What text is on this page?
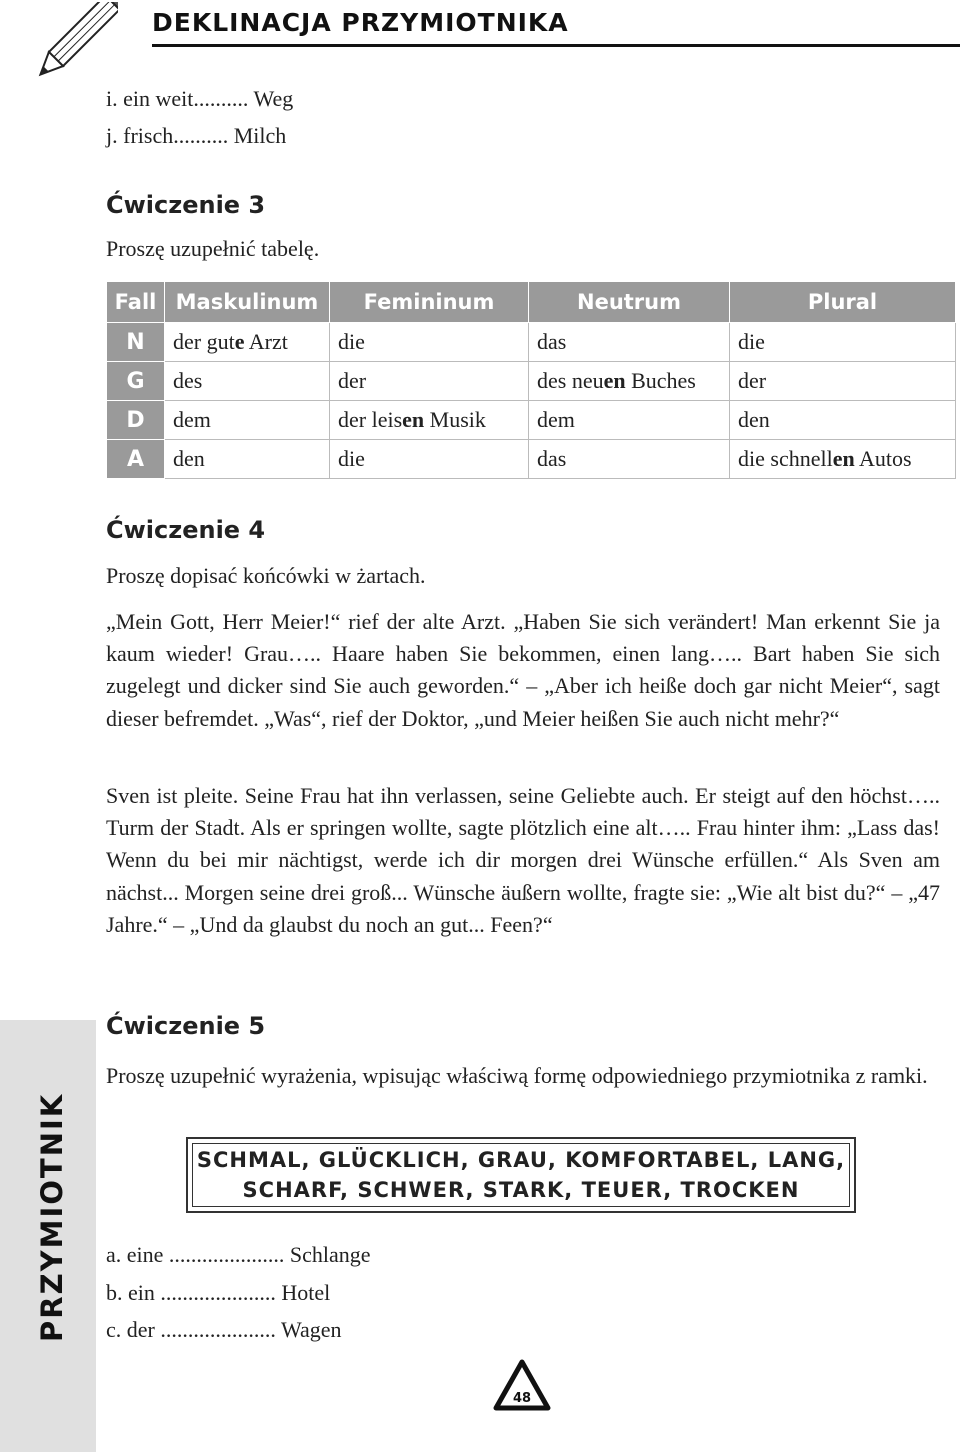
DEKLINACJA PRZYMIOTNIKA
i. ein weit.......... Weg
j. frisch.......... Milch
Ćwiczenie 3
Proszę uzupełnić tabelę.
Fall	Maskulinum	Femininum	Neutrum	Plural
N	der gute Arzt	die	das	die
G	des	der	des neuen Buches	der
D	dem	der leisen Musik	dem	den
A	den	die	das	die schnellen Autos
Ćwiczenie 4
Proszę dopisać końcówki w żartach.
„Mein Gott, Herr Meier!“ rief der alte Arzt. „Haben Sie sich verändert! Man erkennt Sie ja kaum wieder! Grau….. Haare haben Sie bekommen, einen lang….. Bart haben Sie sich zugelegt und dicker sind Sie auch geworden.“ – „Aber ich heiße doch gar nicht Meier“, sagt dieser befremdet. „Was“, rief der Doktor, „und Meier heißen Sie auch nicht mehr?“
Sven ist pleite. Seine Frau hat ihn verlassen, seine Geliebte auch. Er steigt auf den höchst….. Turm der Stadt. Als er springen wollte, sagte plötzlich eine alt….. Frau hinter ihm: „Lass das! Wenn du bei mir nächtigst, werde ich dir morgen drei Wünsche erfüllen.“ Als Sven am nächst... Morgen seine drei groß... Wünsche äußern wollte, fragte sie: „Wie alt bist du?“ – „47 Jahre.“ – „Und da glaubst du noch an gut... Feen?“
PRZYMIOTNIK
Ćwiczenie 5
Proszę uzupełnić wyrażenia, wpisując właściwą formę odpowiedniego przymiotnika z ramki.
SCHMAL, GLÜCKLICH, GRAU, KOMFORTABEL, LANG,
SCHARF, SCHWER, STARK, TEUER, TROCKEN
a. eine ..................... Schlange
b. ein ..................... Hotel
c. der ..................... Wagen
48
